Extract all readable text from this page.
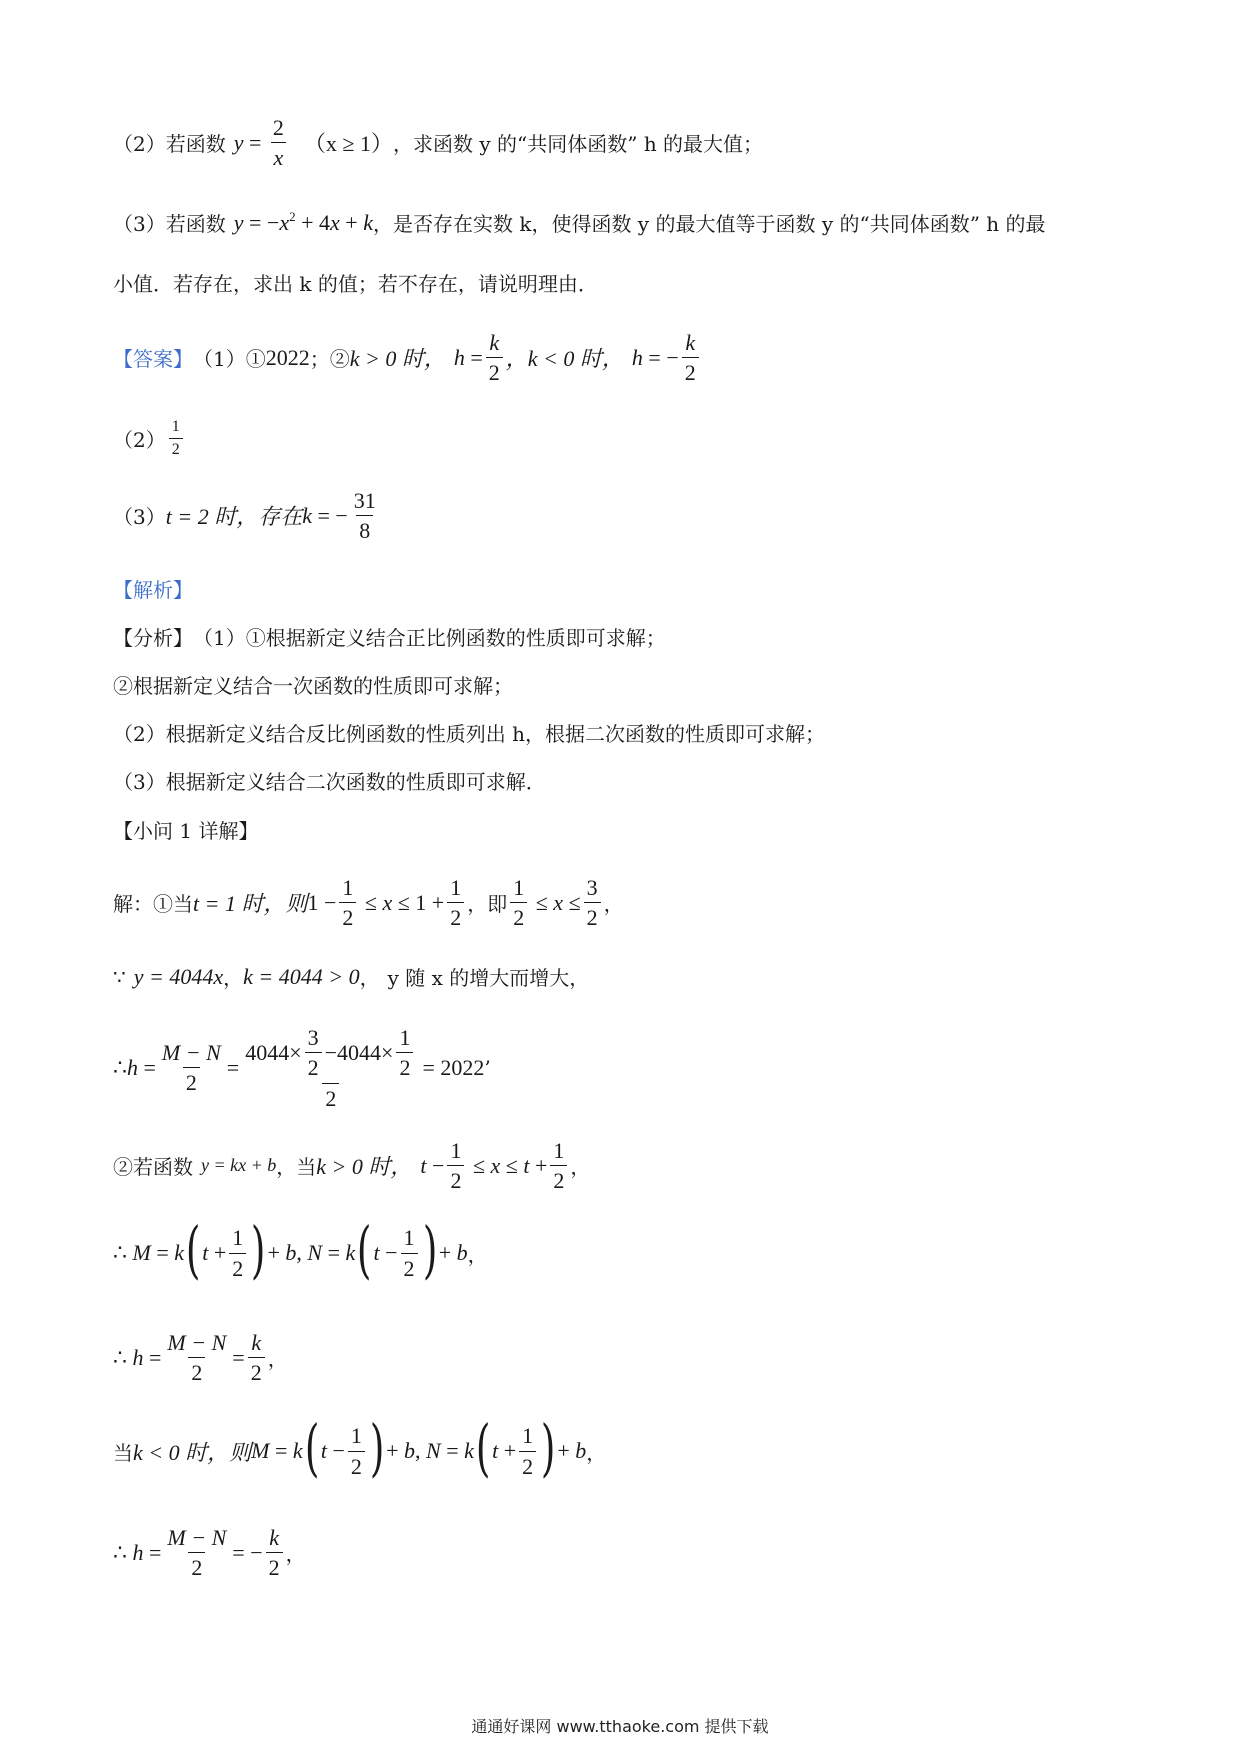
（2）若函数 $y = \frac{2}{x} (x \ge 1)$ ，求函数 y 的“共同体函数” h 的最大值；
（3）若函数 $y = -x^2 + 4x + k$ ，是否存在实数 k，使得函数 y 的最大值等于函数 y 的“共同体函数” h 的最
小值．若存在，求出 k 的值；若不存在，请说明理由．
【答案】 （1）① 2022 ；② k > 0 时， $h = \frac{k}{2}$ ，k < 0 时， h = − $\frac{k}{2}$
$(2) \frac{1}{2}$
（3） t = 2 时，存在 k = − $\frac{31}{8}$
【解析】
【分析】 （1）①根据新定义结合正比例函数的性质即可求解；
②根据新定义结合一次函数的性质即可求解；
（2）根据新定义结合反比例函数的性质列出 h，根据二次函数的性质即可求解；
（3）根据新定义结合二次函数的性质即可求解．
【小问 1 详解】
解：①当 t = 1 时，则 $1 - \frac{1}{2} \le x \le 1 + \frac{1}{2}$ ，即 $\frac{1}{2} \le x \le \frac{3}{2}$ ，
∵ y = 4044x ， k = 4044 > 0 ， y 随 x 的增大而增大，
∴ $h = \frac{M - N}{2} = \frac{4044\times \frac{3}{2} -4044\times \frac{1}{2}}{2} = 2022$ ’
②若函数 y = kx + b ，当 k > 0 时， $t - \frac{1}{2} \le x \le t + \frac{1}{2}$ ，
∴ M = k ( $t + \frac{1}{2}$ ) + b, N = k ( $t - \frac{1}{2}$ ) + b ，
∴ $h = \frac{M - N}{2} = \frac{k}{2}$ ，
当 k < 0 时，则 M = k ( $t - \frac{1}{2}$ ) + b, N = k ( $t + \frac{1}{2}$ ) + b ，
∴ $h = \frac{M - N}{2}$ = − $\frac{k}{2}$ ，
通通好课网 www.tthaoke.com 提供下载
